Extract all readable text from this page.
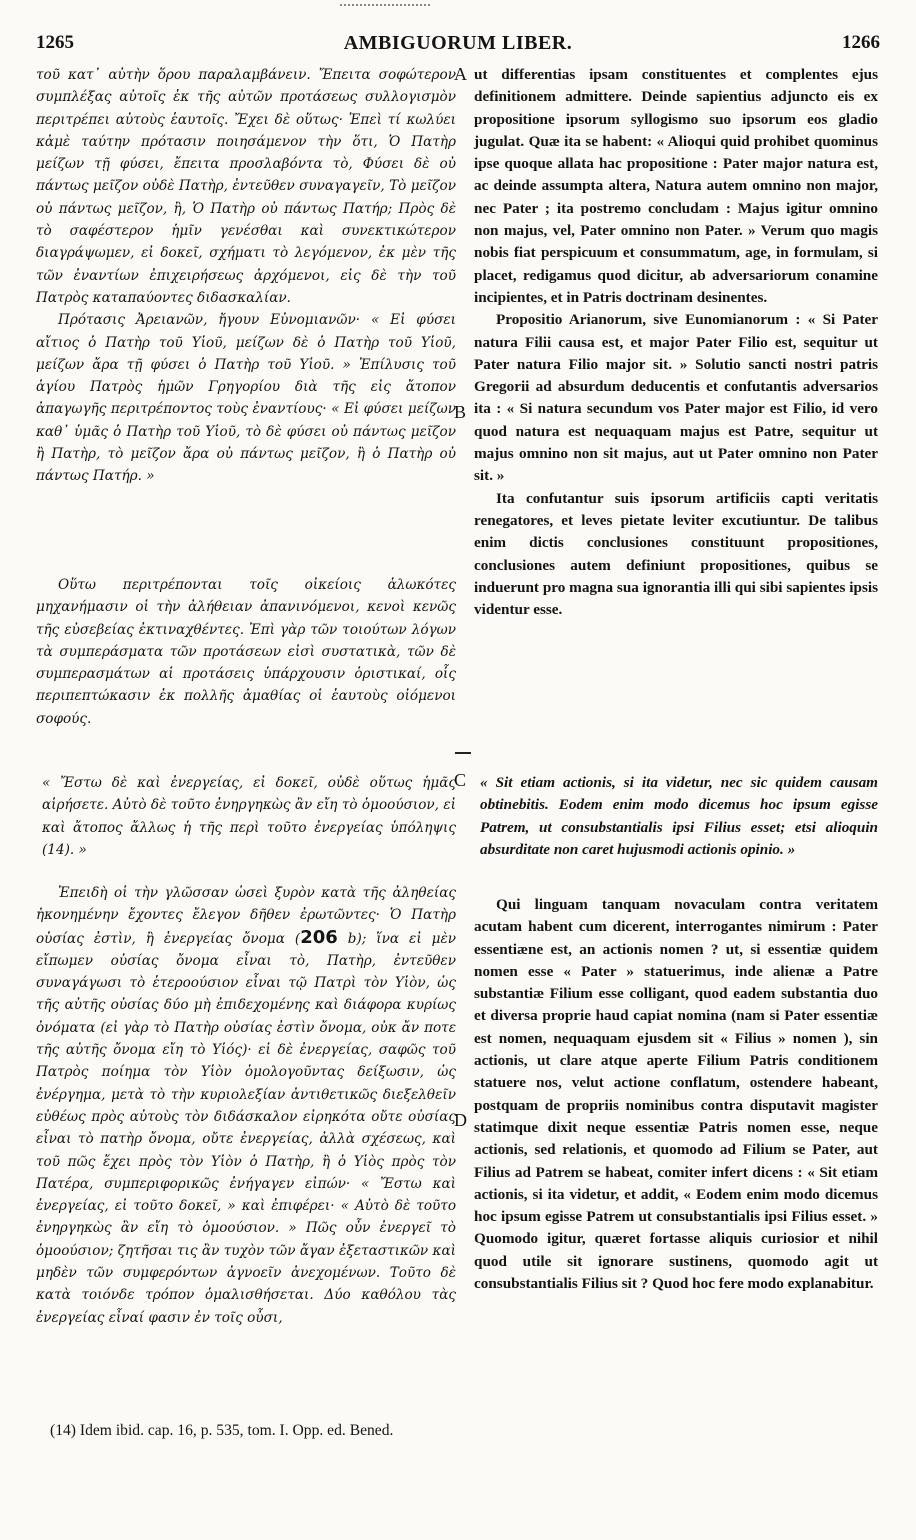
1265	AMBIGUORUM LIBER.	1266

τοῦ κατ᾽ αὐτὴν ὅρου παραλαμβάνειν. Ἔπειτα σοφώτερον συμπλέξας αὐτοῖς ἐκ τῆς αὐτῶν προτάσεως συλλογισμὸν περιτρέπει αὐτοὺς ἑαυτοῖς. Ἔχει δὲ οὕτως· Ἐπεὶ τί κωλύει κἀμὲ ταύτην πρότασιν ποιησάμενον τὴν ὅτι, Ὁ Πατὴρ μείζων τῇ φύσει, ἔπειτα προσλαβόντα τὸ, Φύσει δὲ οὐ πάντως μεῖζον οὐδὲ Πατὴρ, ἐντεῦθεν συναγαγεῖν, Τὸ μεῖζον οὐ πάντως μεῖζον, ἢ, Ὁ Πατὴρ οὐ πάντως Πατήρ; Πρὸς δὲ τὸ σαφέστερον ἡμῖν γενέσθαι καὶ συνεκτικώτερον διαγράψωμεν, εἰ δοκεῖ, σχήματι τὸ λεγόμενον, ἐκ μὲν τῆς τῶν ἐναντίων ἐπιχειρήσεως ἀρχόμενοι, εἰς δὲ τὴν τοῦ Πατρὸς καταπαύοντες διδασκαλίαν.

Πρότασις Ἀρειανῶν, ἤγουν Εὐνομιανῶν· « Εἰ φύσει αἴτιος ὁ Πατὴρ τοῦ Υἱοῦ, μείζων δὲ ὁ Πατὴρ τοῦ Υἱοῦ, μείζων ἄρα τῇ φύσει ὁ Πατὴρ τοῦ Υἱοῦ. » Ἐπίλυσις τοῦ ἁγίου Πατρὸς ἡμῶν Γρηγορίου διὰ τῆς εἰς ἄτοπον ἀπαγωγῆς περιτρέποντος τοὺς ἐναντίους· « Εἰ φύσει μείζων καθ᾽ ὑμᾶς ὁ Πατὴρ τοῦ Υἱοῦ, τὸ δὲ φύσει οὐ πάντως μεῖζον ἢ Πατὴρ, τὸ μεῖζον ἄρα οὐ πάντως μεῖζον, ἢ ὁ Πατὴρ οὐ πάντως Πατήρ. »

Οὕτω περιτρέπονται τοῖς οἰκείοις ἁλωκότες μηχανήμασιν οἱ τὴν ἀλήθειαν ἀπανινόμενοι, κενοὶ κενῶς τῆς εὐσεβείας ἐκτιναχθέντες. Ἐπὶ γὰρ τῶν τοιούτων λόγων τὰ συμπεράσματα τῶν προτάσεων εἰσὶ συστατικὰ, τῶν δὲ συμπερασμάτων αἱ προτάσεις ὑπάρχουσιν ὁριστικαί, οἷς περιπεπτώκασιν ἐκ πολλῆς ἀμαθίας οἱ ἑαυτοὺς οἰόμενοι σοφούς.

« Ἔστω δὲ καὶ ἐνεργείας, εἰ δοκεῖ, οὐδὲ οὕτως ἡμᾶς αἱρήσετε. Αὐτὸ δὲ τοῦτο ἐνηργηκὼς ἂν εἴη τὸ ὁμοούσιον, εἰ καὶ ἄτοπος ἄλλως ἡ τῆς περὶ τοῦτο ἐνεργείας ὑπόληψις (14). »

Ἐπειδὴ οἱ τὴν γλῶσσαν ὡσεὶ ξυρὸν κατὰ τῆς ἀληθείας ἠκονημένην ἔχοντες ἔλεγον δῆθεν ἐρωτῶντες· Ὁ Πατὴρ οὐσίας ἐστὶν, ἢ ἐνεργείας ὄνομα (206 b); ἵνα εἰ μὲν εἴπωμεν οὐσίας ὄνομα εἶναι τὸ, Πατὴρ, ἐντεῦθεν συναγάγωσι τὸ ἑτεροούσιον εἶναι τῷ Πατρὶ τὸν Υἱὸν, ὡς τῆς αὐτῆς οὐσίας δύο μὴ ἐπιδεχομένης καὶ διάφορα κυρίως ὀνόματα (εἰ γὰρ τὸ Πατὴρ οὐσίας ἐστὶν ὄνομα, οὐκ ἄν ποτε τῆς αὐτῆς ὄνομα εἴη τὸ Υἱός)· εἰ δὲ ἐνεργείας, σαφῶς τοῦ Πατρὸς ποίημα τὸν Υἱὸν ὁμολογοῦντας δείξωσιν, ὡς ἐνέργημα, μετὰ τὸ τὴν κυριολεξίαν ἀντιθετικῶς διεξελθεῖν εὐθέως πρὸς αὐτοὺς τὸν διδάσκαλον εἰρηκότα οὔτε οὐσίας εἶναι τὸ πατὴρ ὄνομα, οὔτε ἐνεργείας, ἀλλὰ σχέσεως, καὶ τοῦ πῶς ἔχει πρὸς τὸν Υἱὸν ὁ Πατὴρ, ἢ ὁ Υἱὸς πρὸς τὸν Πατέρα, συμπεριφορικῶς ἐνήγαγεν εἰπών· « Ἔστω καὶ ἐνεργείας, εἰ τοῦτο δοκεῖ, » καὶ ἐπιφέρει· « Αὐτὸ δὲ τοῦτο ἐνηργηκὼς ἂν εἴη τὸ ὁμοούσιον. » Πῶς οὖν ἐνεργεῖ τὸ ὁμοούσιον; ζητῆσαι τις ἂν τυχὸν τῶν ἄγαν ἐξεταστικῶν καὶ μηδὲν τῶν συμφερόντων ἀγνοεῖν ἀνεχομένων. Τοῦτο δὲ κατὰ τοιόνδε τρόπον ὁμαλισθήσεται. Δύο καθόλου τὰς ἐνεργείας εἶναί φασιν ἐν τοῖς οὖσι,

A
B
C
D

ut differentias ipsam constituentes et complentes ejus definitionem admittere. Deinde sapientius adjuncto eis ex propositione ipsorum syllogismo suo ipsorum eos gladio jugulat. Quæ ita se habent: « Alioqui quid prohibet quominus ipse quoque allata hac propositione : Pater major natura est, ac deinde assumpta altera, Natura autem omnino non major, nec Pater ; ita postremo concludam : Majus igitur omnino non majus, vel, Pater omnino non Pater. » Verum quo magis nobis fiat perspicuum et consummatum, age, in formulam, si placet, redigamus quod dicitur, ab adversariorum conamine incipientes, et in Patris doctrinam desinentes.

Propositio Arianorum, sive Eunomianorum : « Si Pater natura Filii causa est, et major Pater Filio est, sequitur ut Pater natura Filio major sit. » Solutio sancti nostri patris Gregorii ad absurdum deducentis et confutantis adversarios ita : « Si natura secundum vos Pater major est Filio, id vero quod natura est nequaquam majus est Patre, sequitur ut majus omnino non sit majus, aut ut Pater omnino non Pater sit. »

Ita confutantur suis ipsorum artificiis capti veritatis renegatores, et leves pietate leviter excutiuntur. De talibus enim dictis conclusiones constituunt propositiones, conclusiones autem definiunt propositiones, quibus se induerunt pro magna sua ignorantia illi qui sibi sapientes ipsis videntur esse.

« Sit etiam actionis, si ita videtur, nec sic quidem causam obtinebitis. Eodem enim modo dicemus hoc ipsum egisse Patrem, ut consubstantialis ipsi Filius esset; etsi alioquin absurditate non caret hujusmodi actionis opinio. »

Qui linguam tanquam novaculam contra veritatem acutam habent cum dicerent, interrogantes nimirum : Pater essentiæne est, an actionis nomen ? ut, si essentiæ quidem nomen esse « Pater » statuerimus, inde alienæ a Patre substantiæ Filium esse colligant, quod eadem substantia duo et diversa proprie haud capiat nomina (nam si Pater essentiæ est nomen, nequaquam ejusdem sit « Filius » nomen ), sin actionis, ut clare atque aperte Filium Patris conditionem statuere nos, velut actione conflatum, ostendere habeant, postquam de propriis nominibus contra disputavit magister statimque dixit neque essentiæ Patris nomen esse, neque actionis, sed relationis, et quomodo ad Filium se Pater, aut Filius ad Patrem se habeat, comiter infert dicens : « Sit etiam actionis, si ita videtur, et addit, « Eodem enim modo dicemus hoc ipsum egisse Patrem ut consubstantialis ipsi Filius esset. » Quomodo igitur, quæret fortasse aliquis curiosior et nihil quod utile sit ignorare sustinens, quomodo agit ut consubstantialis Filius sit ? Quod hoc fere modo explanabitur.

(14) Idem ibid. cap. 16, p. 535, tom. I. Opp. ed. Bened.
